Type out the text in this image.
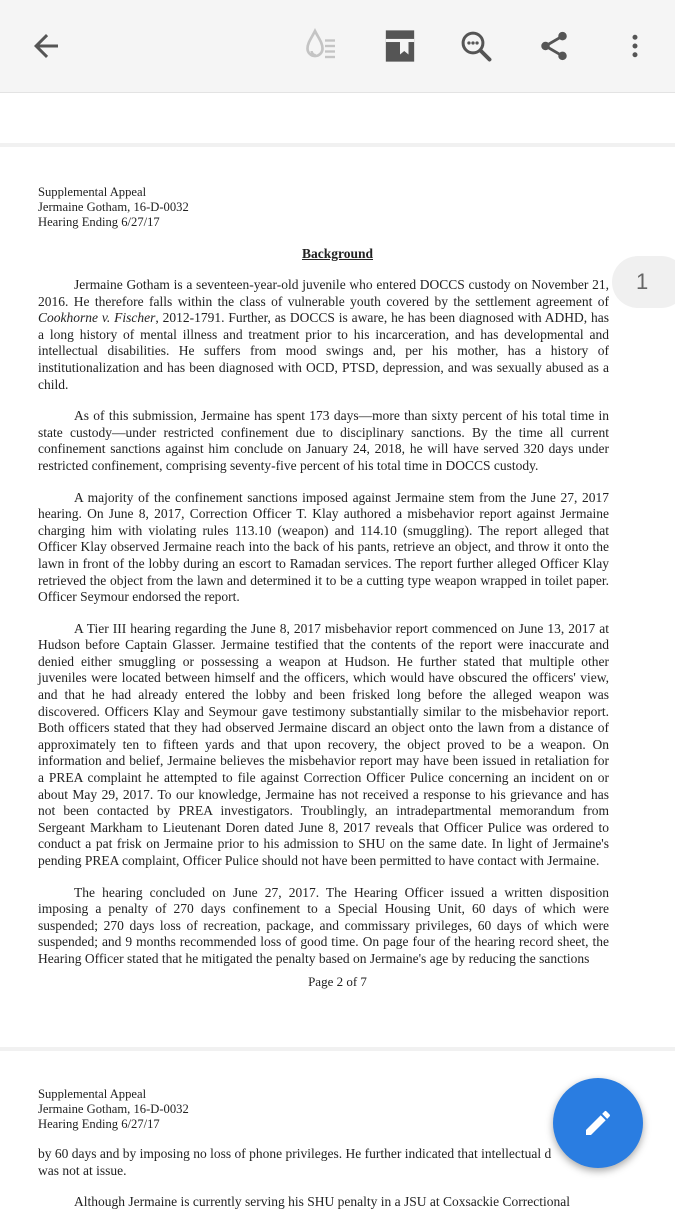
Supplemental Appeal
Jermaine Gotham, 16-D-0032
Hearing Ending 6/27/17
Background

Jermaine Gotham is a seventeen-year-old juvenile who entered DOCCS custody on November 21, 2016. He therefore falls within the class of vulnerable youth covered by the settlement agreement of Cookhorne v. Fischer, 2012-1791. Further, as DOCCS is aware, he has been diagnosed with ADHD, has a long history of mental illness and treatment prior to his incarceration, and has developmental and intellectual disabilities. He suffers from mood swings and, per his mother, has a history of institutionalization and has been diagnosed with OCD, PTSD, depression, and was sexually abused as a child.

As of this submission, Jermaine has spent 173 days—more than sixty percent of his total time in state custody—under restricted confinement due to disciplinary sanctions. By the time all current confinement sanctions against him conclude on January 24, 2018, he will have served 320 days under restricted confinement, comprising seventy-five percent of his total time in DOCCS custody.

A majority of the confinement sanctions imposed against Jermaine stem from the June 27, 2017 hearing. On June 8, 2017, Correction Officer T. Klay authored a misbehavior report against Jermaine charging him with violating rules 113.10 (weapon) and 114.10 (smuggling). The report alleged that Officer Klay observed Jermaine reach into the back of his pants, retrieve an object, and throw it onto the lawn in front of the lobby during an escort to Ramadan services. The report further alleged Officer Klay retrieved the object from the lawn and determined it to be a cutting type weapon wrapped in toilet paper. Officer Seymour endorsed the report.

A Tier III hearing regarding the June 8, 2017 misbehavior report commenced on June 13, 2017 at Hudson before Captain Glasser. Jermaine testified that the contents of the report were inaccurate and denied either smuggling or possessing a weapon at Hudson. He further stated that multiple other juveniles were located between himself and the officers, which would have obscured the officers' view, and that he had already entered the lobby and been frisked long before the alleged weapon was discovered. Officers Klay and Seymour gave testimony substantially similar to the misbehavior report. Both officers stated that they had observed Jermaine discard an object onto the lawn from a distance of approximately ten to fifteen yards and that upon recovery, the object proved to be a weapon. On information and belief, Jermaine believes the misbehavior report may have been issued in retaliation for a PREA complaint he attempted to file against Correction Officer Pulice concerning an incident on or about May 29, 2017. To our knowledge, Jermaine has not received a response to his grievance and has not been contacted by PREA investigators. Troublingly, an intradepartmental memorandum from Sergeant Markham to Lieutenant Doren dated June 8, 2017 reveals that Officer Pulice was ordered to conduct a pat frisk on Jermaine prior to his admission to SHU on the same date. In light of Jermaine's pending PREA complaint, Officer Pulice should not have been permitted to have contact with Jermaine.

The hearing concluded on June 27, 2017. The Hearing Officer issued a written disposition imposing a penalty of 270 days confinement to a Special Housing Unit, 60 days of which were suspended; 270 days loss of recreation, package, and commissary privileges, 60 days of which were suspended; and 9 months recommended loss of good time. On page four of the hearing record sheet, the Hearing Officer stated that he mitigated the penalty based on Jermaine's age by reducing the sanctions

Page 2 of 7
Supplemental Appeal
Jermaine Gotham, 16-D-0032
Hearing Ending 6/27/17
by 60 days and by imposing no loss of phone privileges. He further indicated that intellectual d
was not at issue.
Although Jermaine is currently serving his SHU penalty in a JSU at Coxsackie Correctional
1
